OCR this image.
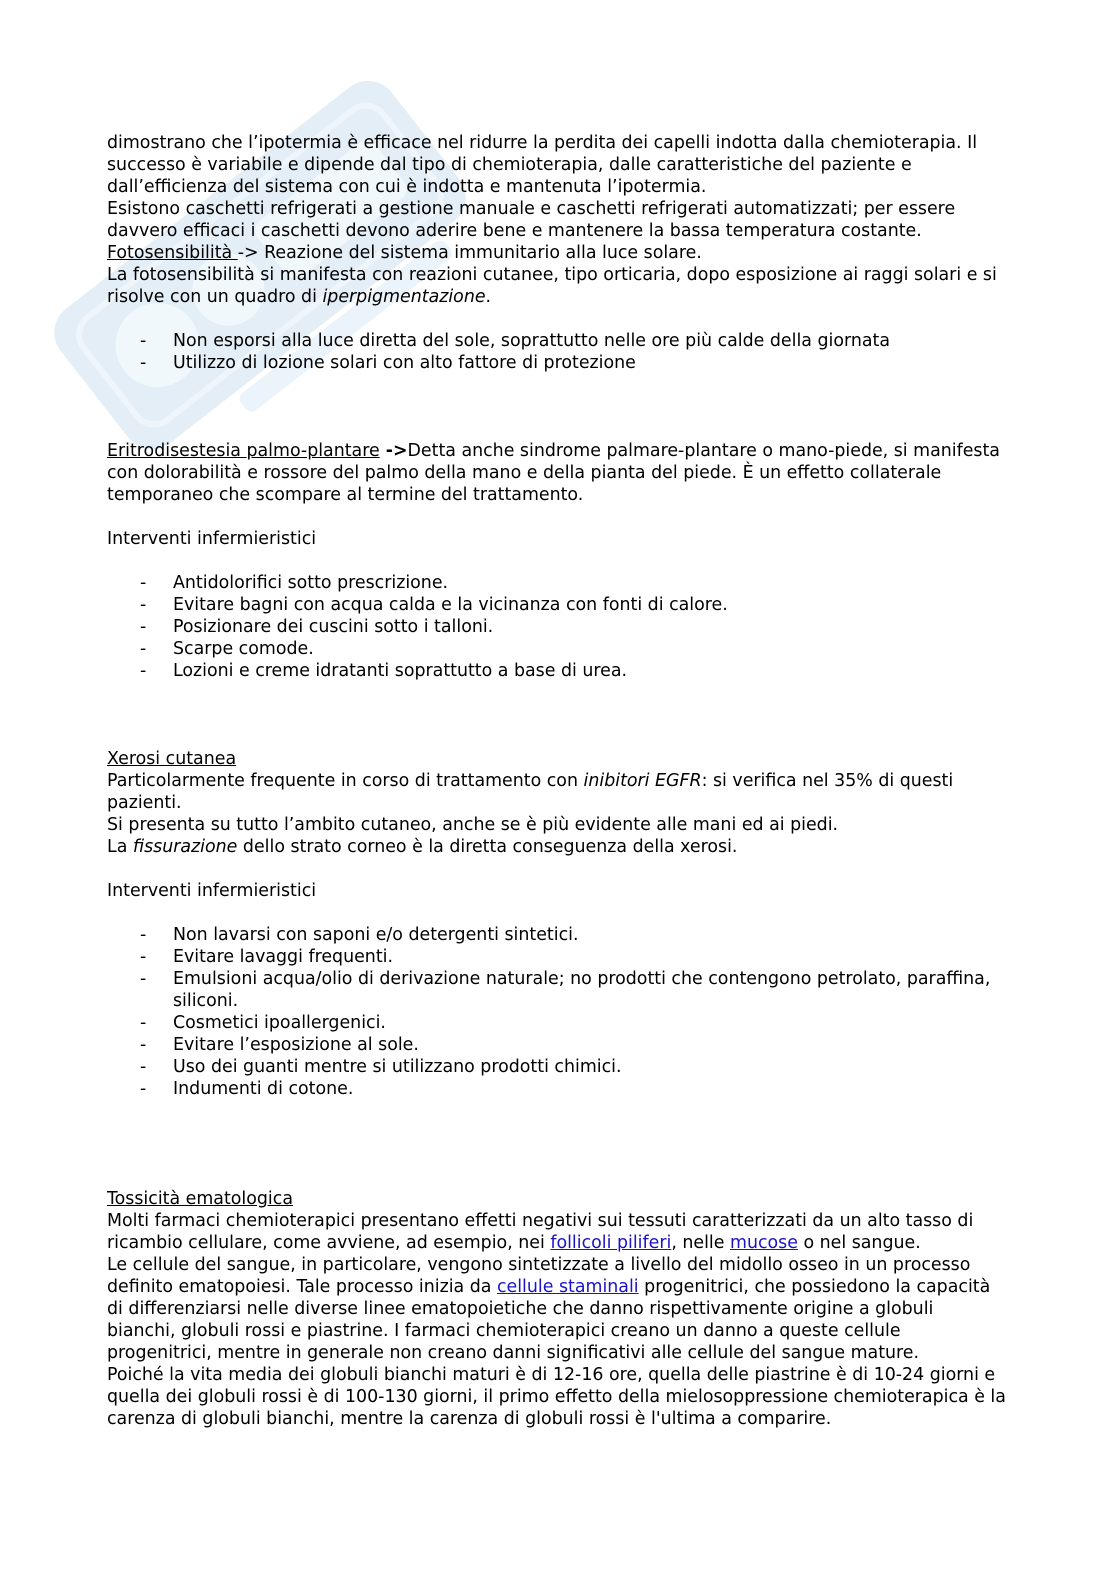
dimostrano che l’ipotermia è efficace nel ridurre la perdita dei capelli indotta dalla chemioterapia. Il successo è variabile e dipende dal tipo di chemioterapia, dalle caratteristiche del paziente e dall’efficienza del sistema con cui è indotta e mantenuta l’ipotermia.

Esistono caschetti refrigerati a gestione manuale e caschetti refrigerati automatizzati; per essere davvero efficaci i caschetti devono aderire bene e mantenere la bassa temperatura costante.

Fotosensibilità -> Reazione del sistema immunitario alla luce solare.

La fotosensibilità si manifesta con reazioni cutanee, tipo orticaria, dopo esposizione ai raggi solari e si risolve con un quadro di iperpigmentazione.

- Non esporsi alla luce diretta del sole, soprattutto nelle ore più calde della giornata
- Utilizzo di lozione solari con alto fattore di protezione

Eritrodisestesia palmo-plantare ->Detta anche sindrome palmare-plantare o mano-piede, si manifesta con dolorabilità e rossore del palmo della mano e della pianta del piede. È un effetto collaterale temporaneo che scompare al termine del trattamento.

Interventi infermieristici

- Antidolorifici sotto prescrizione.
- Evitare bagni con acqua calda e la vicinanza con fonti di calore.
- Posizionare dei cuscini sotto i talloni.
- Scarpe comode.
- Lozioni e creme idratanti soprattutto a base di urea.

Xerosi cutanea

Particolarmente frequente in corso di trattamento con inibitori EGFR: si verifica nel 35% di questi pazienti.

Si presenta su tutto l’ambito cutaneo, anche se è più evidente alle mani ed ai piedi.

La fissurazione dello strato corneo è la diretta conseguenza della xerosi.

Interventi infermieristici

- Non lavarsi con saponi e/o detergenti sintetici.
- Evitare lavaggi frequenti.
- Emulsioni acqua/olio di derivazione naturale; no prodotti che contengono petrolato, paraffina, siliconi.
- Cosmetici ipoallergenici.
- Evitare l’esposizione al sole.
- Uso dei guanti mentre si utilizzano prodotti chimici.
- Indumenti di cotone.

Tossicità ematologica

Molti farmaci chemioterapici presentano effetti negativi sui tessuti caratterizzati da un alto tasso di ricambio cellulare, come avviene, ad esempio, nei follicoli piliferi, nelle mucose o nel sangue.

Le cellule del sangue, in particolare, vengono sintetizzate a livello del midollo osseo in un processo definito ematopoiesi. Tale processo inizia da cellule staminali progenitrici, che possiedono la capacità di differenziarsi nelle diverse linee ematopoietiche che danno rispettivamente origine a globuli bianchi, globuli rossi e piastrine. I farmaci chemioterapici creano un danno a queste cellule progenitrici, mentre in generale non creano danni significativi alle cellule del sangue mature.

Poiché la vita media dei globuli bianchi maturi è di 12-16 ore, quella delle piastrine è di 10-24 giorni e quella dei globuli rossi è di 100-130 giorni, il primo effetto della mielosoppressione chemioterapica è la carenza di globuli bianchi, mentre la carenza di globuli rossi è l'ultima a comparire.
